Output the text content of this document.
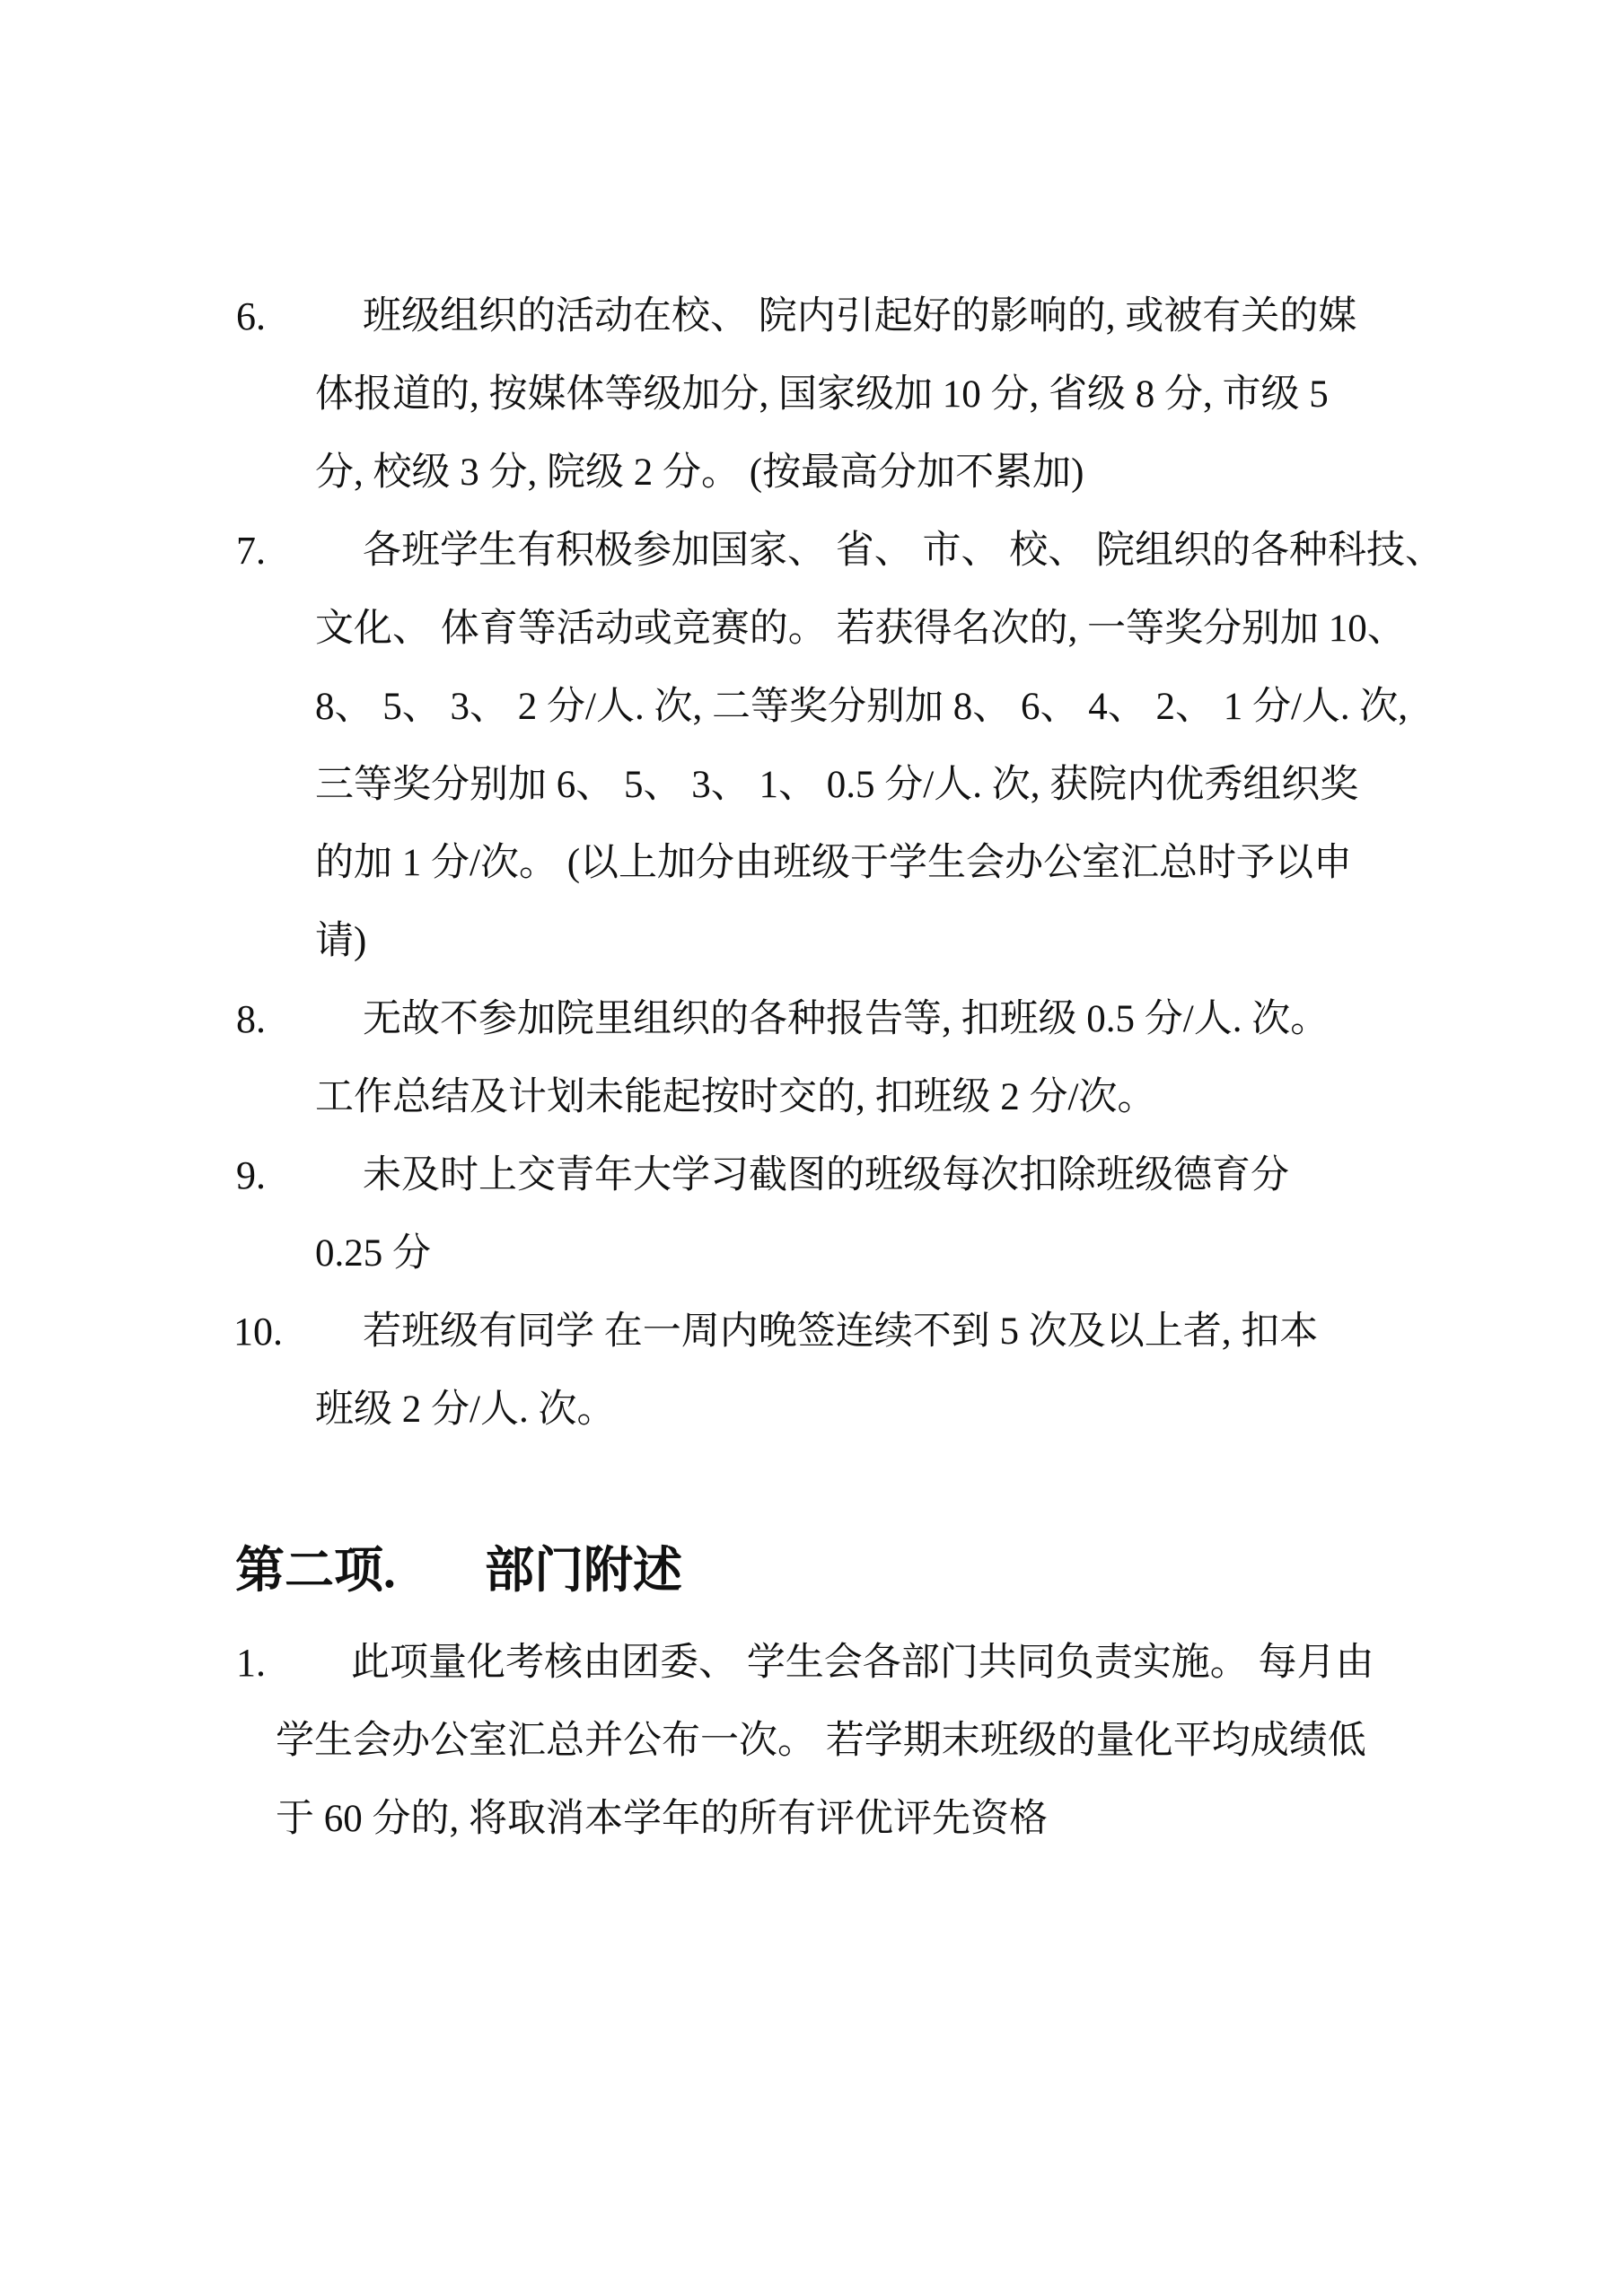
6.	班级组织的活动在校、 院内引起好的影响的, 或被有关的媒
体报道的, 按媒体等级加分, 国家级加 10 分, 省级 8 分, 市级 5
分, 校级 3 分, 院级 2 分。 (按最高分加不累加)
7.	各班学生有积极参加国家、 省、 市、 校、 院组织的各种科技、
文化、 体育等活动或竞赛的。 若获得名次的, 一等奖分别加 10、
8、 5、 3、 2 分/人. 次, 二等奖分别加 8、 6、 4、 2、 1 分/人. 次,
三等奖分别加 6、 5、 3、 1、 0.5 分/人. 次, 获院内优秀组织奖
的加 1 分/次。 (以上加分由班级于学生会办公室汇总时予以申
请)
8.	无故不参加院里组织的各种报告等, 扣班级 0.5 分/人. 次。
工作总结及计划未能起按时交的, 扣班级 2 分/次。
9.	未及时上交青年大学习截图的班级每次扣除班级德育分
0.25 分
10. 若班级有同学 在一周内晚签连续不到 5 次及以上者, 扣本
班级 2 分/人. 次。
第二项. 部门附述
1. 此项量化考核由团委、 学生会各部门共同负责实施。 每月由
学生会办公室汇总并公布一次。 若学期末班级的量化平均成绩低
于 60 分的, 将取消本学年的所有评优评先资格
